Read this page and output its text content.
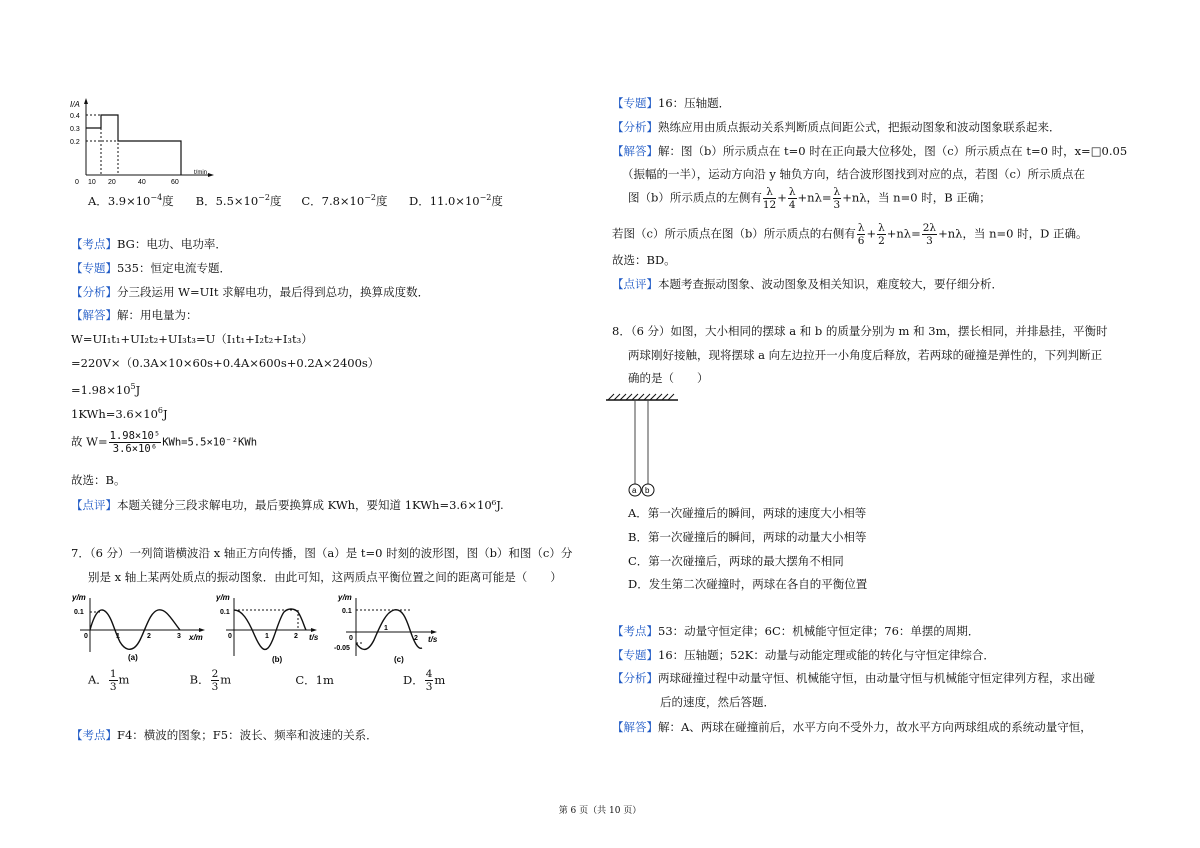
I/A
t/min
0.4
0.3
0.2
0 10 20	40	60
A．$3.9\times 10^{-4}$度 B．$5.5\times 10^{-2}$度 C．$7.8\times 10^{-2}$度 D．$11.0\times 10^{-2}$度
【考点】BG：电功、电功率．
【专题】535：恒定电流专题．
【分析】分三段运用 W=UIt 求解电功，最后得到总功，换算成度数．
【解答】解：用电量为：
W=UI₁t₁+UI₂t₂+UI₃t₃=U（I₁t₁+I₂t₂+I₃t₃）
=220V×（0.3A×10×60s+0.4A×600s+0.2A×2400s）
$=1.98\times 10^5J$
$1KWh=3.6\times 10^6J$
故 $W= \frac{\text{1.98×10⁵}}{\text{3.6×10⁶}} KWh=5.5\times 10^{-2}KWh$
故选：B。
【点评】本题关键分三段求解电功，最后要换算成 KWh，要知道 1KWh=3.6×10⁶J.
7．（6 分）一列简谐横波沿 x 轴正方向传播，图（a）是 t=0 时刻的波形图，图（b）和图（c）分
别是 x 轴上某两处质点的振动图象．由此可知，这两质点平衡位置之间的距离可能是（　　）
y/m
0.1
x/m
0	1	2	3
(a)
y/m
0.1
t/s
0	1	2
(b)
y/m
0.1
-0.05
t/s
0
1
2
(c)
A． $\frac{1}{3}$ m	B． $\frac{2}{3}$ m	C．1m	D． $\frac{4}{3}$ m
【考点】F4：横波的图象；F5：波长、频率和波速的关系．
【专题】16：压轴题．
【分析】熟练应用由质点振动关系判断质点间距公式，把振动图象和波动图象联系起来．
【解答】解：图（b）所示质点在 t=0 时在正向最大位移处，图（c）所示质点在 t=0 时，x=□0.05
（振幅的一半），运动方向沿 y 轴负方向，结合波形图找到对应的点，若图（c）所示质点在
图（b）所示质点的左侧有 $\frac{\lambda}{12} + \frac{\lambda}{4} +n\lambda= \frac{\lambda}{3} +n\lambda$，当 n=0 时，B 正确；
若图（c）所示质点在图（b）所示质点的右侧有 $\frac{\lambda}{6} + \frac{\lambda}{2} +n\lambda= \frac{2\lambda}{3} +n\lambda$，当 n=0 时，D 正确。
故选：BD。
【点评】本题考查振动图象、波动图象及相关知识，难度较大，要仔细分析．
8．（6 分）如图，大小相同的摆球 a 和 b 的质量分别为 m 和 3m，摆长相同，并排悬挂，平衡时
两球刚好接触，现将摆球 a 向左边拉开一小角度后释放，若两球的碰撞是弹性的，下列判断正
确的是（　　）
a b
A．第一次碰撞后的瞬间，两球的速度大小相等
B．第一次碰撞后的瞬间，两球的动量大小相等
C．第一次碰撞后，两球的最大摆角不相同
D．发生第二次碰撞时，两球在各自的平衡位置
【考点】53：动量守恒定律；6C：机械能守恒定律；76：单摆的周期．
【专题】16：压轴题；52K：动量与动能定理或能的转化与守恒定律综合．
【分析】两球碰撞过程中动量守恒、机械能守恒，由动量守恒与机械能守恒定律列方程，求出碰
后的速度，然后答题．
【解答】解：A、两球在碰撞前后，水平方向不受外力，故水平方向两球组成的系统动量守恒，
第 6 页（共 10 页）
